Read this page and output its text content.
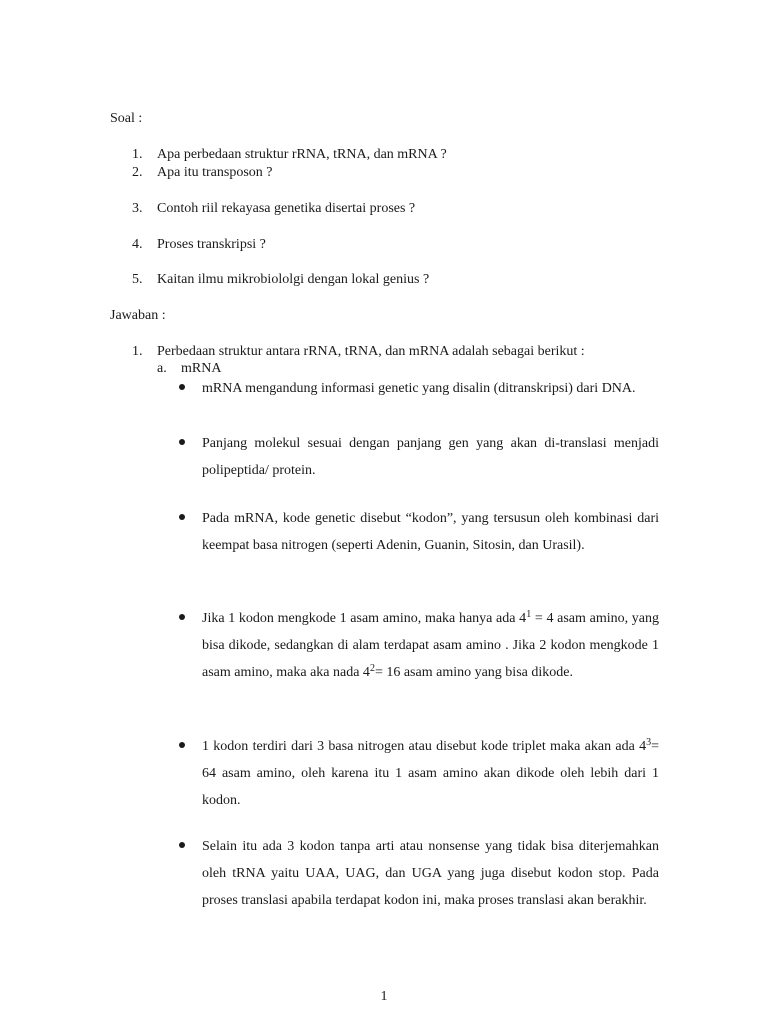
Soal :
1. Apa perbedaan struktur rRNA, tRNA, dan mRNA ?
2. Apa itu transposon ?
3. Contoh riil rekayasa genetika disertai proses ?
4. Proses transkripsi ?
5. Kaitan ilmu mikrobiololgi dengan lokal genius ?
Jawaban :
1. Perbedaan struktur antara rRNA, tRNA, dan mRNA adalah sebagai berikut :
a. mRNA
mRNA mengandung informasi genetic yang disalin (ditranskripsi) dari DNA.
Panjang molekul sesuai dengan panjang gen yang akan di-translasi menjadi polipeptida/ protein.
Pada mRNA, kode genetic disebut “kodon”, yang tersusun oleh kombinasi dari keempat basa nitrogen (seperti Adenin, Guanin, Sitosin, dan Urasil).
Jika 1 kodon mengkode 1 asam amino, maka hanya ada $4^1 = 4$ asam amino, yang bisa dikode, sedangkan di alam terdapat asam amino . Jika 2 kodon mengkode 1 asam amino, maka aka nada $4^2= 16$ asam amino yang bisa dikode.
1 kodon terdiri dari 3 basa nitrogen atau disebut kode triplet maka akan ada $4^3= 64$ asam amino, oleh karena itu 1 asam amino akan dikode oleh lebih dari 1 kodon.
Selain itu ada 3 kodon tanpa arti atau nonsense yang tidak bisa diterjemahkan oleh tRNA yaitu UAA, UAG, dan UGA yang juga disebut kodon stop. Pada proses translasi apabila terdapat kodon ini, maka proses translasi akan berakhir.
1
